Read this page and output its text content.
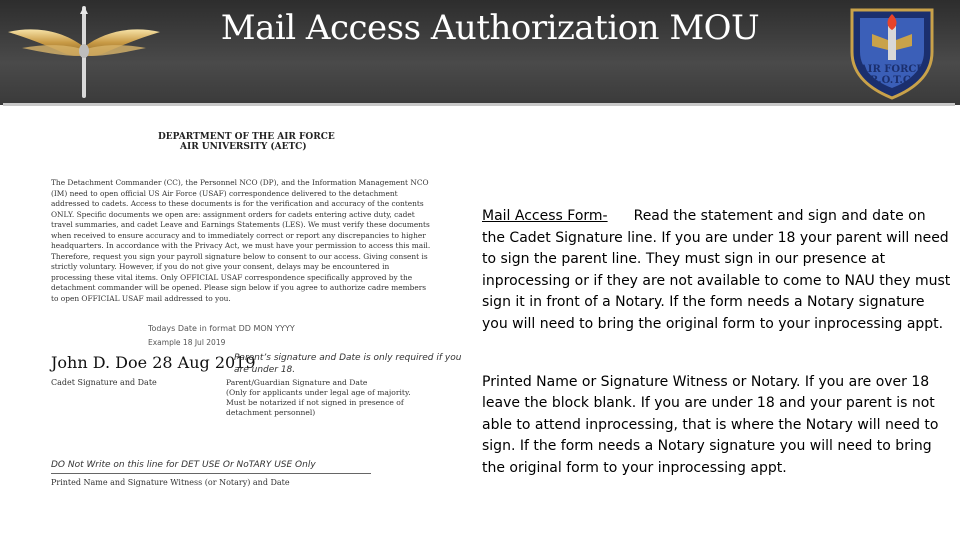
Mail Access Authorization MOU
AIR FORCE R.O.T.C.
DEPARTMENT OF THE AIR FORCE
AIR UNIVERSITY (AETC)
The Detachment Commander (CC), the Personnel NCO (DP), and the Information Management NCO (IM) need to open official US Air Force (USAF) correspondence delivered to the detachment addressed to cadets. Access to these documents is for the verification and accuracy of the contents ONLY. Specific documents we open are: assignment orders for cadets entering active duty, cadet travel summaries, and cadet Leave and Earnings Statements (LES). We must verify these documents when received to ensure accuracy and to immediately correct or report any discrepancies to higher headquarters. In accordance with the Privacy Act, we must have your permission to access this mail. Therefore, request you sign your payroll signature below to consent to our access. Giving consent is strictly voluntary. However, if you do not give your consent, delays may be encountered in processing these vital items. Only OFFICIAL USAF correspondence specifically approved by the detachment commander will be opened. Please sign below if you agree to authorize cadre members to open OFFICIAL USAF mail addressed to you.
Todays Date in format DD MON YYYY
Example 18 Jul 2019
John D. Doe 28 Aug 2019
Parent’s signature and Date is only required if you are under 18.
Cadet Signature and Date	Parent/Guardian Signature and Date
(Only for applicants under legal age of majority.
Must be notarized if not signed in presence of
detachment personnel)
DO Not Write on this line for DET USE Or NoTARY USE Only
Printed Name and Signature Witness (or Notary) and Date

Mail Access Form- Read the statement and sign and date on the Cadet Signature line. If you are under 18 your parent will need to sign the parent line. They must sign in our presence at inprocessing or if they are not available to come to NAU they must sign it in front of a Notary. If the form needs a Notary signature you will need to bring the original form to your inprocessing appt.

Printed Name or Signature Witness or Notary. If you are over 18 leave the block blank. If you are under 18 and your parent is not able to attend inprocessing, that is where the Notary will need to sign. If the form needs a Notary signature you will need to bring the original form to your inprocessing appt.
